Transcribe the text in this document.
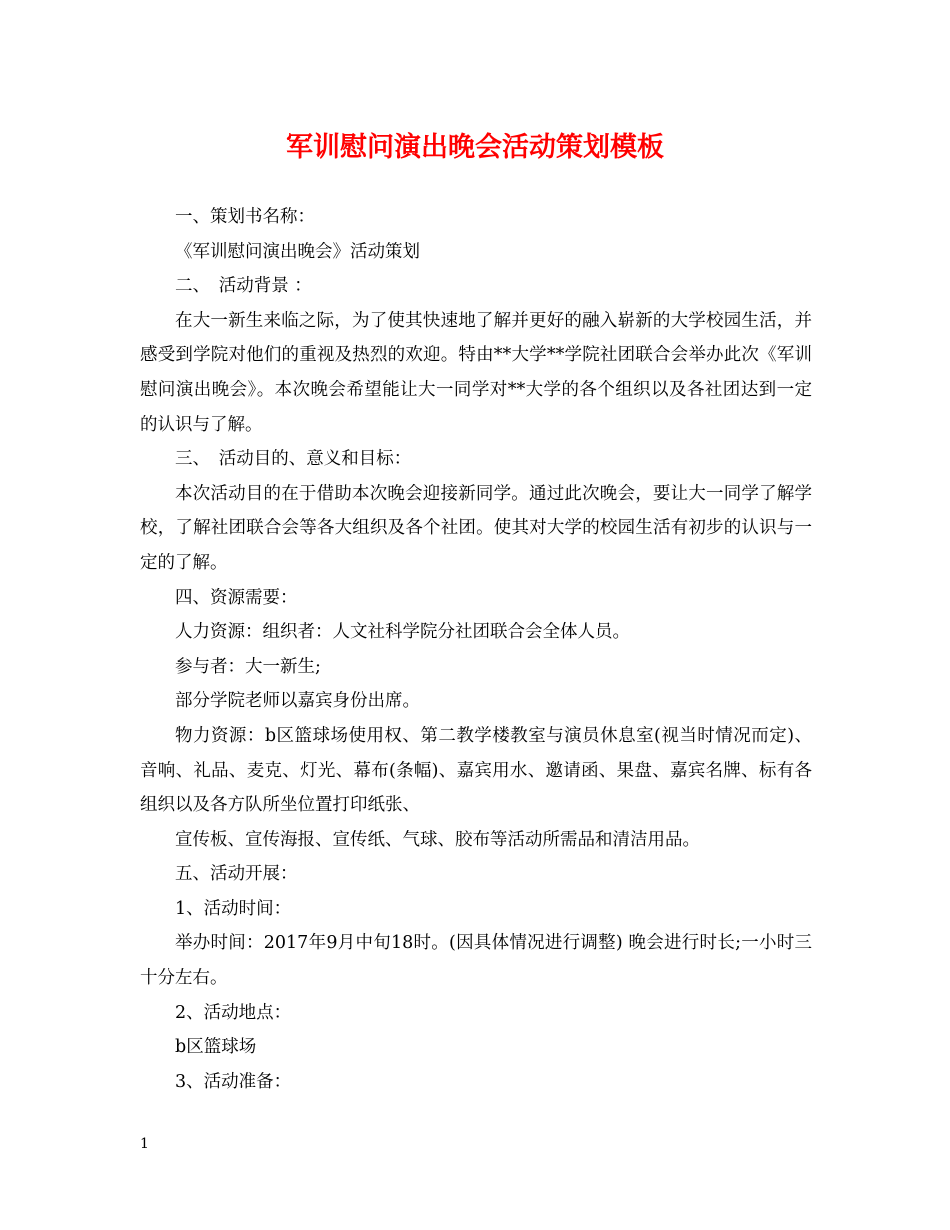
军训慰问演出晚会活动策划模板

一、策划书名称：

《军训慰问演出晚会》活动策划

二、　活动背景 ：

在大一新生来临之际，为了使其快速地了解并更好的融入崭新的大学校园生活，并感受到学院对他们的重视及热烈的欢迎。特由**大学**学院社团联合会举办此次《军训慰问演出晚会》。本次晚会希望能让大一同学对**大学的各个组织以及各社团达到一定的认识与了解。

三、　活动目的、意义和目标：

本次活动目的在于借助本次晚会迎接新同学。通过此次晚会，要让大一同学了解学校，了解社团联合会等各大组织及各个社团。使其对大学的校园生活有初步的认识与一定的了解。

四、资源需要：

人力资源：组织者：人文社科学院分社团联合会全体人员。

参与者：大一新生;

部分学院老师以嘉宾身份出席。

物力资源：b区篮球场使用权、第二教学楼教室与演员休息室(视当时情况而定)、音响、礼品、麦克、灯光、幕布(条幅)、嘉宾用水、邀请函、果盘、嘉宾名牌、标有各组织以及各方队所坐位置打印纸张、

宣传板、宣传海报、宣传纸、气球、胶布等活动所需品和清洁用品。

五、活动开展：

1、活动时间：

举办时间：2017年9月中旬18时。(因具体情况进行调整) 晚会进行时长;一小时三十分左右。

2、活动地点：

b区篮球场

3、活动准备：

1
